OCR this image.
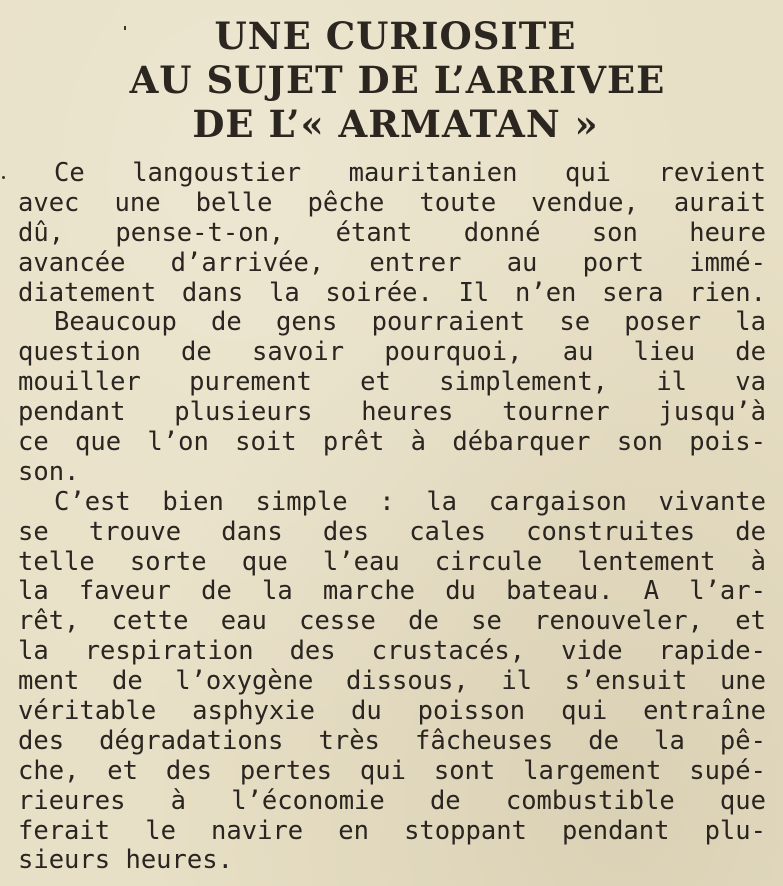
UNE CURIOSITE
AU SUJET DE L’ARRIVEE
DE L’« ARMATAN »
Ce langoustier mauritanien qui revient
avec une belle pêche toute vendue, aurait
dû, pense-t-on, étant donné son heure
avancée d’arrivée, entrer au port immé-
diatement dans la soirée. Il n’en sera rien.
Beaucoup de gens pourraient se poser la
question de savoir pourquoi, au lieu de
mouiller purement et simplement, il va
pendant plusieurs heures tourner jusqu’à
ce que l’on soit prêt à débarquer son pois-
son.
C’est bien simple : la cargaison vivante
se trouve dans des cales construites de
telle sorte que l’eau circule lentement à
la faveur de la marche du bateau. A l’ar-
rêt, cette eau cesse de se renouveler, et
la respiration des crustacés, vide rapide-
ment de l’oxygène dissous, il s’ensuit une
véritable asphyxie du poisson qui entraîne
des dégradations très fâcheuses de la pê-
che, et des pertes qui sont largement supé-
rieures à l’économie de combustible que
ferait le navire en stoppant pendant plu-
sieurs heures.
